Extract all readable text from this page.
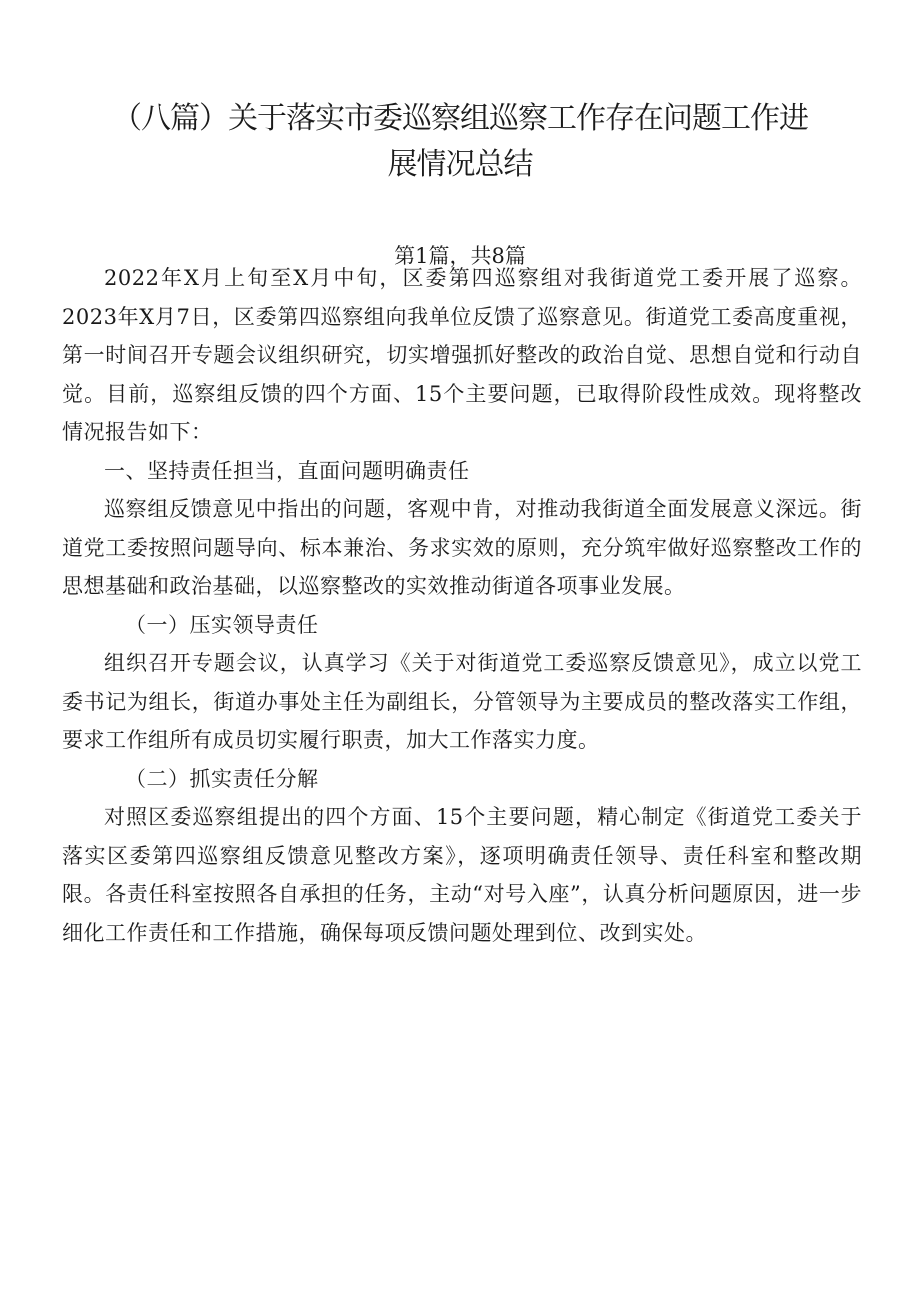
（八篇）关于落实市委巡察组巡察工作存在问题工作进
展情况总结
第1篇，共8篇

2022年X月上旬至X月中旬，区委第四巡察组对我街道党工委开展了巡察。2023年X月7日，区委第四巡察组向我单位反馈了巡察意见。街道党工委高度重视，第一时间召开专题会议组织研究，切实增强抓好整改的政治自觉、思想自觉和行动自觉。目前，巡察组反馈的四个方面、15个主要问题，已取得阶段性成效。现将整改情况报告如下：

一、坚持责任担当，直面问题明确责任

巡察组反馈意见中指出的问题，客观中肯，对推动我街道全面发展意义深远。街道党工委按照问题导向、标本兼治、务求实效的原则，充分筑牢做好巡察整改工作的思想基础和政治基础，以巡察整改的实效推动街道各项事业发展。

（一）压实领导责任

组织召开专题会议，认真学习《关于对街道党工委巡察反馈意见》，成立以党工委书记为组长，街道办事处主任为副组长，分管领导为主要成员的整改落实工作组，要求工作组所有成员切实履行职责，加大工作落实力度。

（二）抓实责任分解

对照区委巡察组提出的四个方面、15个主要问题，精心制定《街道党工委关于落实区委第四巡察组反馈意见整改方案》，逐项明确责任领导、责任科室和整改期限。各责任科室按照各自承担的任务，主动“对号入座”，认真分析问题原因，进一步细化工作责任和工作措施，确保每项反馈问题处理到位、改到实处。
